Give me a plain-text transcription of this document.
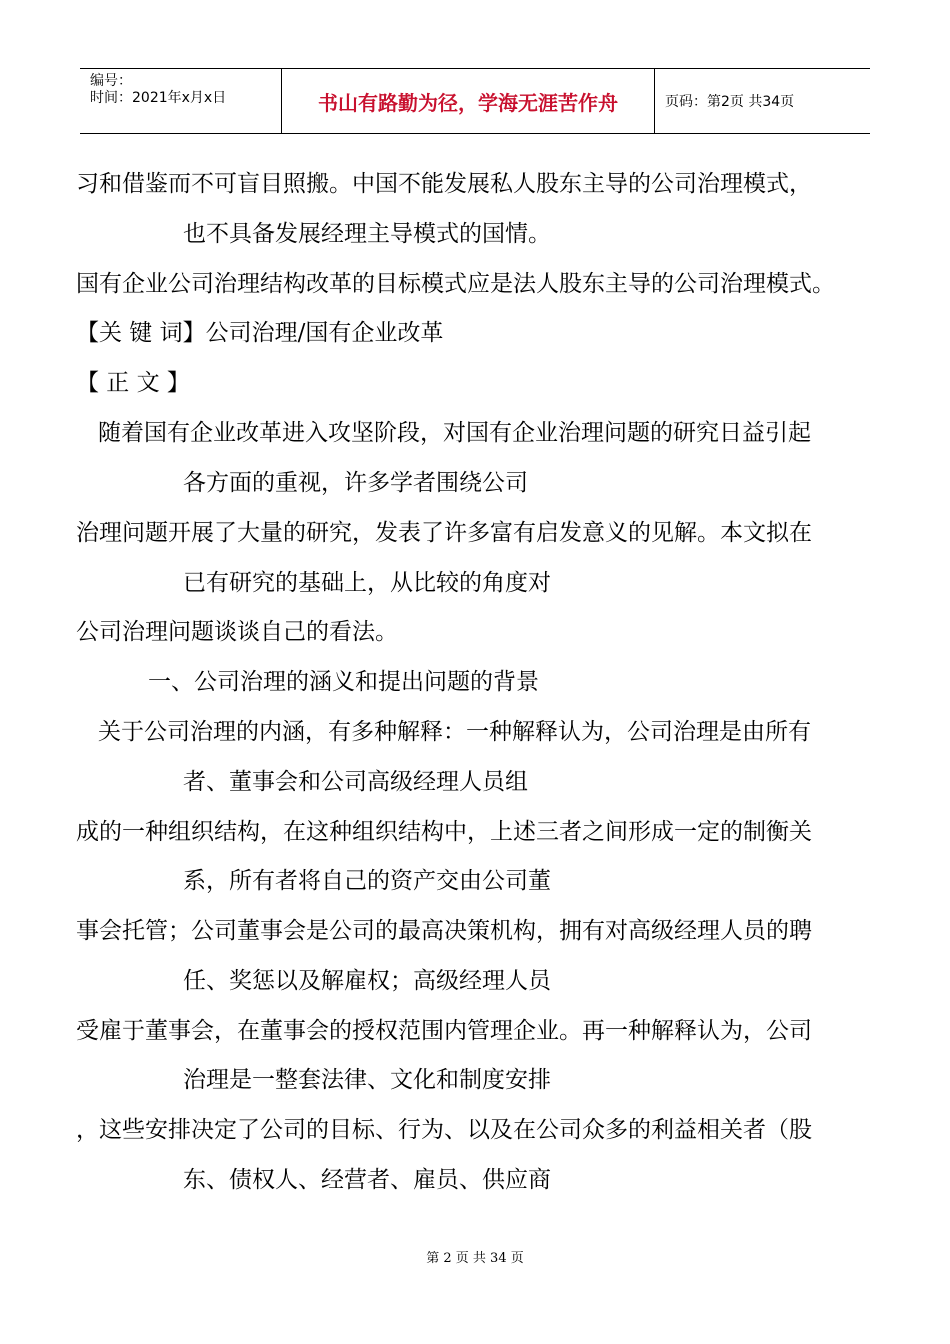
编号：
时间：2021年x月x日	书山有路勤为径，学海无涯苦作舟	页码：第2页 共34页
习和借鉴而不可盲目照搬。中国不能发展私人股东主导的公司治理模式，
也不具备发展经理主导模式的国情。
国有企业公司治理结构改革的目标模式应是法人股东主导的公司治理模式。
【关 键 词】公司治理/国有企业改革
【 正 文 】
随着国有企业改革进入攻坚阶段，对国有企业治理问题的研究日益引起
各方面的重视，许多学者围绕公司
治理问题开展了大量的研究，发表了许多富有启发意义的见解。本文拟在
已有研究的基础上，从比较的角度对
公司治理问题谈谈自己的看法。
一、公司治理的涵义和提出问题的背景
关于公司治理的内涵，有多种解释：一种解释认为，公司治理是由所有
者、董事会和公司高级经理人员组
成的一种组织结构，在这种组织结构中，上述三者之间形成一定的制衡关
系，所有者将自己的资产交由公司董
事会托管；公司董事会是公司的最高决策机构，拥有对高级经理人员的聘
任、奖惩以及解雇权；高级经理人员
受雇于董事会，在董事会的授权范围内管理企业。再一种解释认为，公司
治理是一整套法律、文化和制度安排
，这些安排决定了公司的目标、行为、以及在公司众多的利益相关者（股
东、债权人、经营者、雇员、供应商
第 2 页 共 34 页
